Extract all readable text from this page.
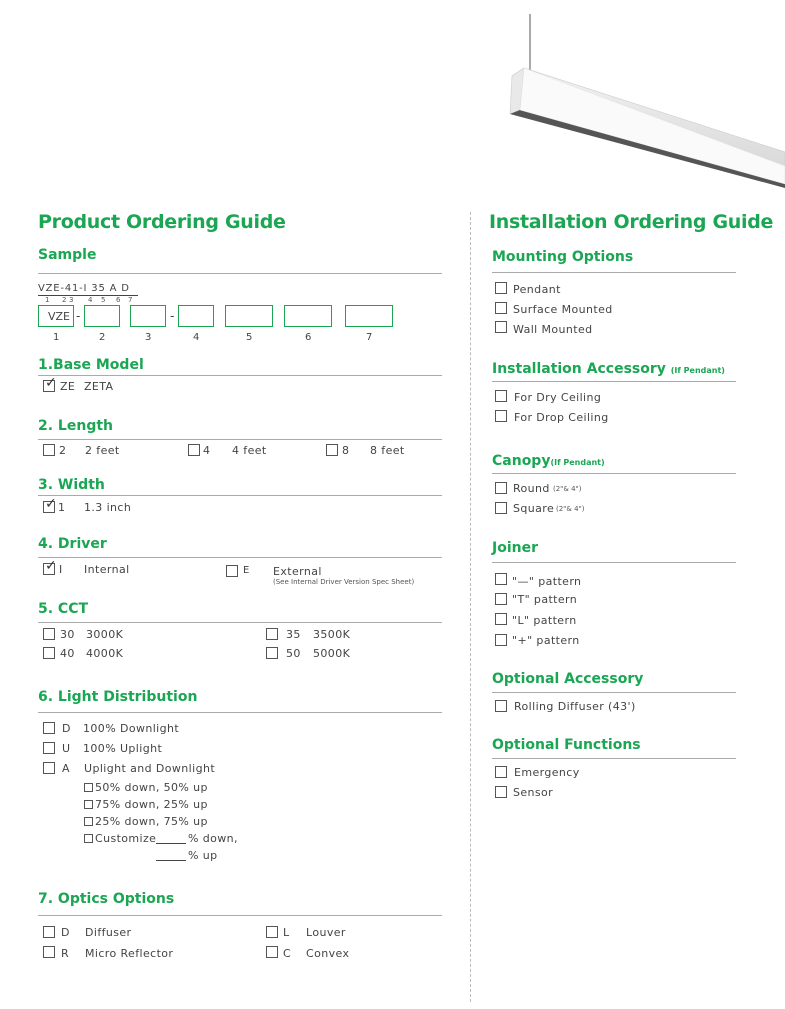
Product Ordering Guide
Sample
VZE-41-I 35 A D
1 2 3 4 5 6 7
VZE -	-
1	2	3	4	5	6	7
1.Base Model
✓ ZE ZETA
2. Length
2 2 feet	4 4 feet	8 8 feet
3. Width
✓ 1 1.3 inch
4. Driver
✓ I Internal	E External
(See Internal Driver Version Spec Sheet)
5. CCT
30 3000K	35 3500K
40 4000K	50 5000K
6. Light Distribution
D 100% Downlight
U 100% Uplight
A Uplight and Downlight
50% down, 50% up
75% down, 25% up
25% down, 75% up
Customize	% down,
% up
7. Optics Options
D Diffuser	L Louver
R Micro Reflector	C Convex
Installation Ordering Guide
Mounting Options
Pendant
Surface Mounted
Wall Mounted
Installation Accessory (If Pendant)
For Dry Ceiling
For Drop Ceiling
Canopy(If Pendant)
Round (2"& 4")
Square (2"& 4")
Joiner
"—" pattern
"T" pattern
"L" pattern
"+" pattern
Optional Accessory
Rolling Diffuser (43')
Optional Functions
Emergency
Sensor
